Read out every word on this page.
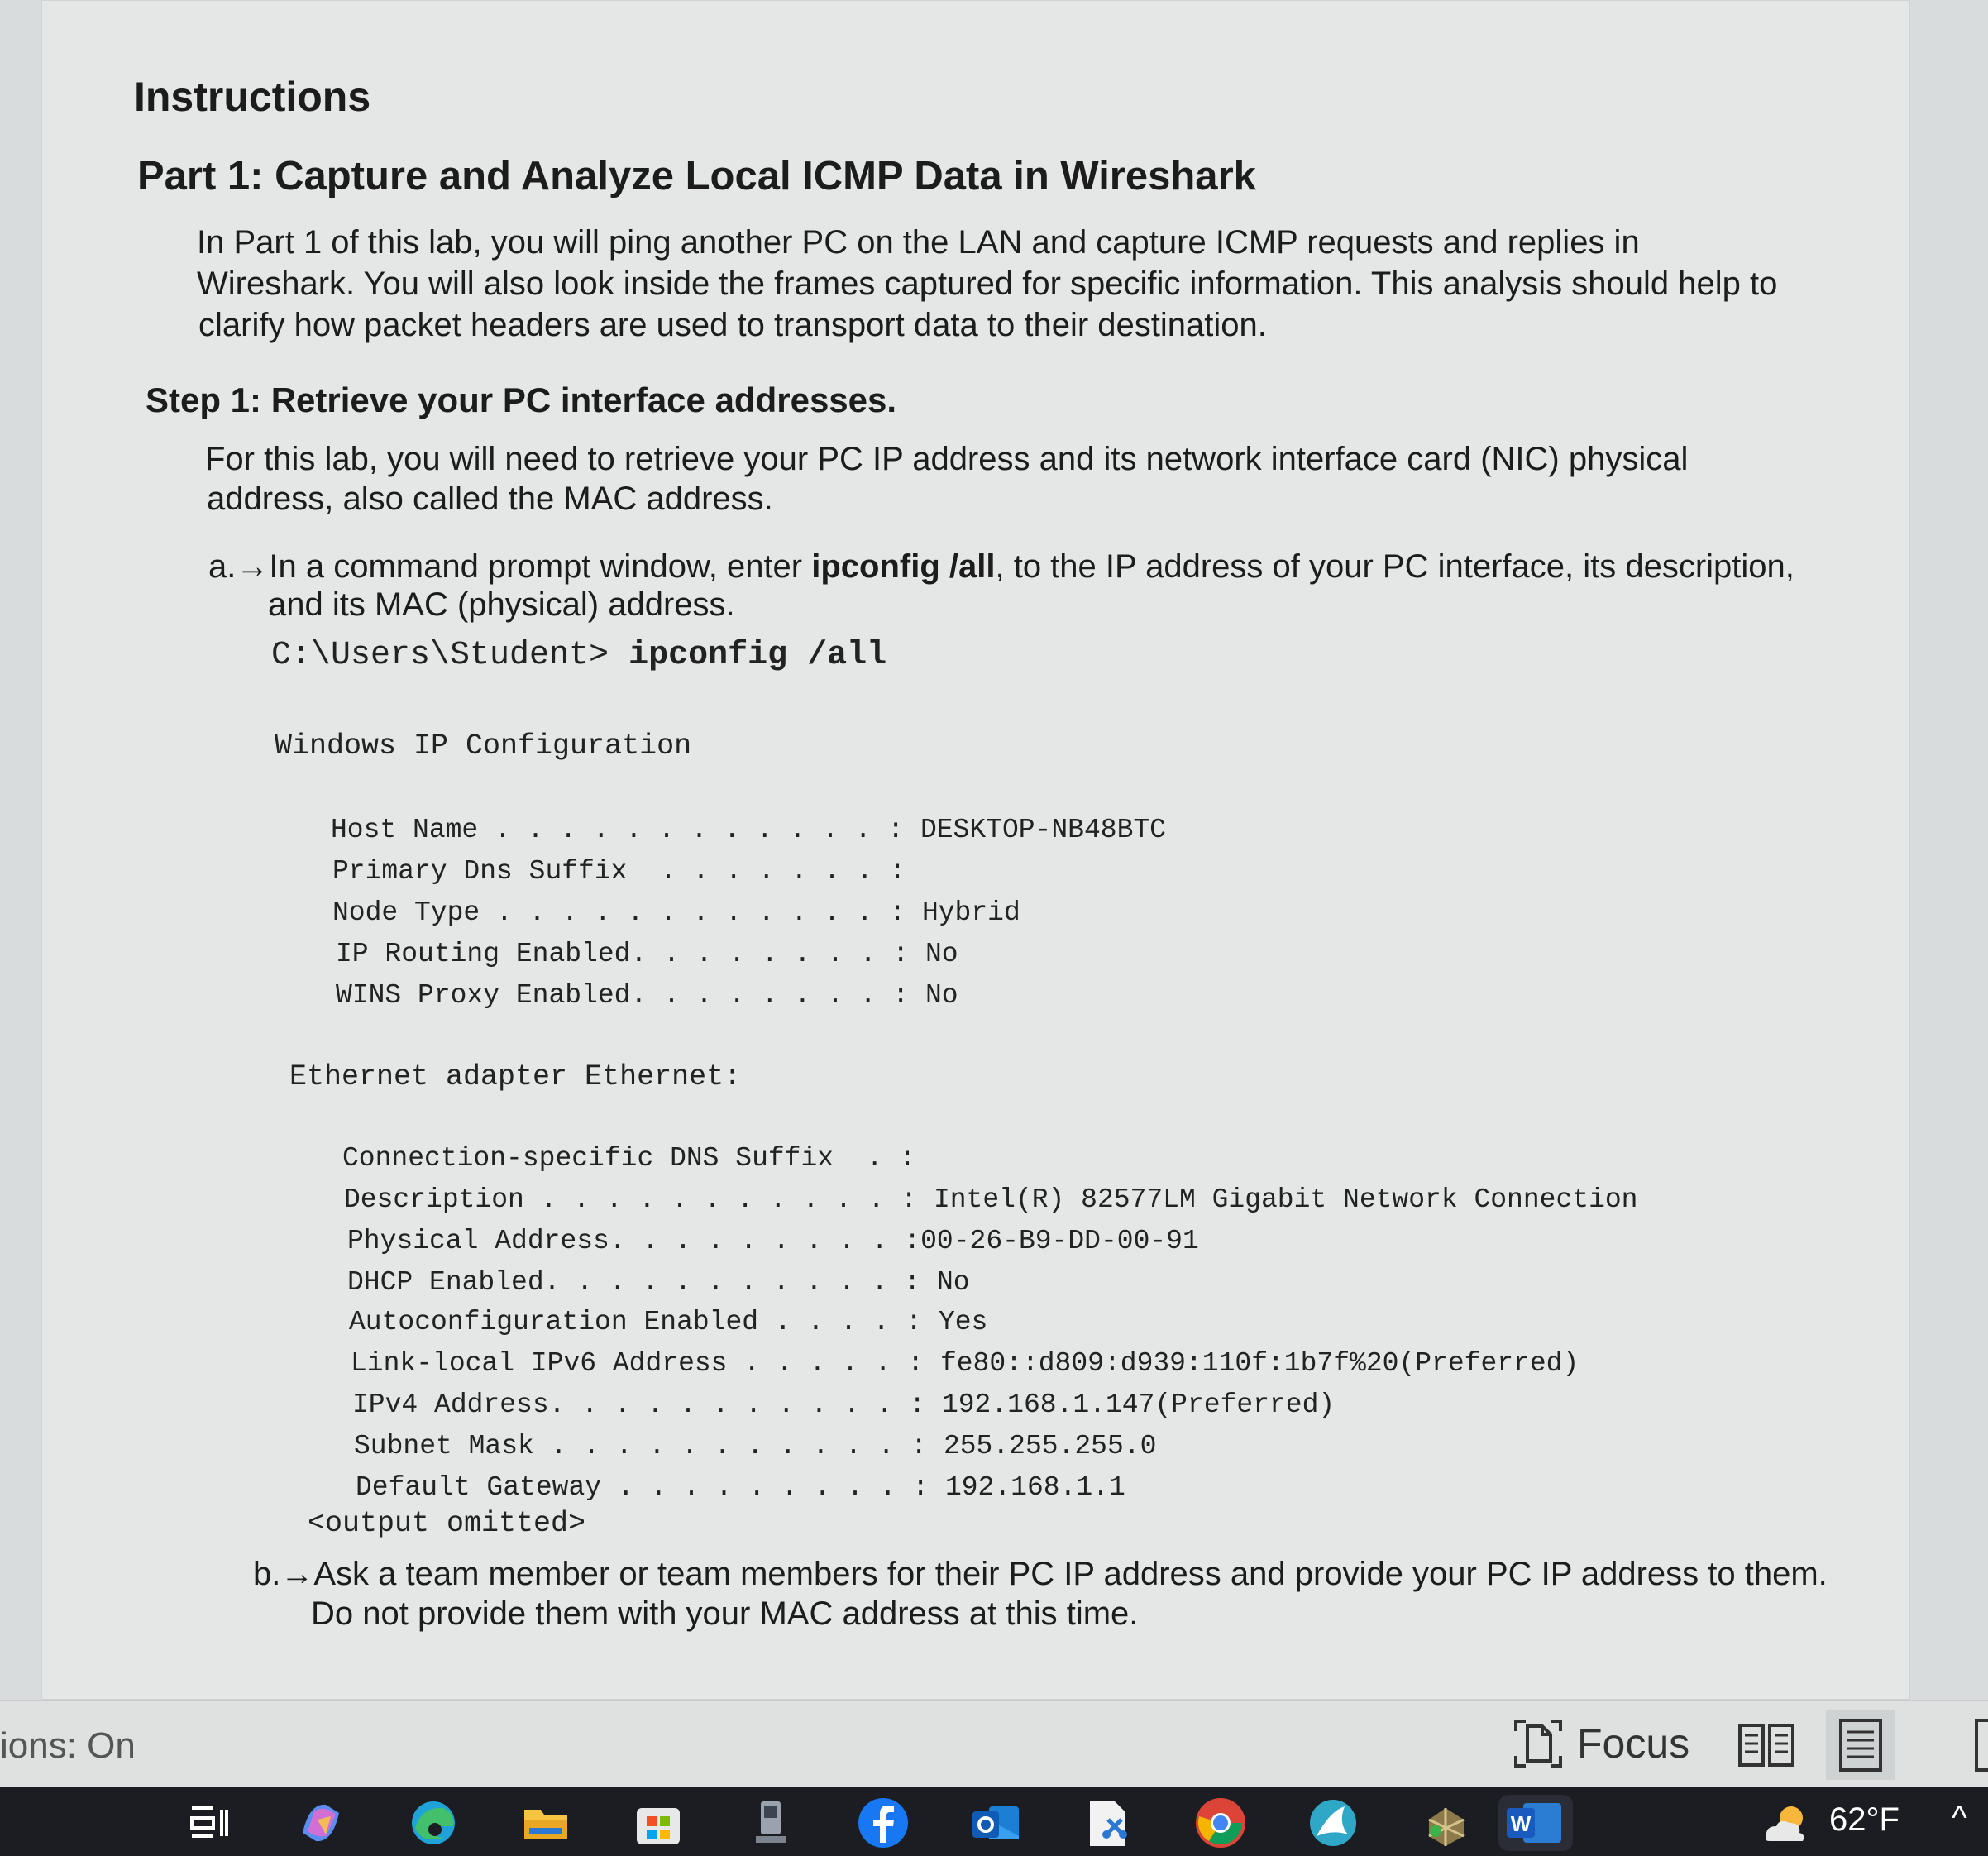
Instructions
Part 1: Capture and Analyze Local ICMP Data in Wireshark
In Part 1 of this lab, you will ping another PC on the LAN and capture ICMP requests and replies in
Wireshark. You will also look inside the frames captured for specific information. This analysis should help to
clarify how packet headers are used to transport data to their destination.
Step 1: Retrieve your PC interface addresses.
For this lab, you will need to retrieve your PC IP address and its network interface card (NIC) physical
address, also called the MAC address.
a.→In a command prompt window, enter ipconfig /all, to the IP address of your PC interface, its description,
and its MAC (physical) address.
C:\Users\Student> ipconfig /all
Windows IP Configuration
Host Name . . . . . . . . . . . . : DESKTOP-NB48BTC
Primary Dns Suffix  . . . . . . . :
Node Type . . . . . . . . . . . . : Hybrid
IP Routing Enabled. . . . . . . . : No
WINS Proxy Enabled. . . . . . . . : No
Ethernet adapter Ethernet:
Connection-specific DNS Suffix  . :
Description . . . . . . . . . . . : Intel(R) 82577LM Gigabit Network Connection
Physical Address. . . . . . . . . :00-26-B9-DD-00-91
DHCP Enabled. . . . . . . . . . . : No
Autoconfiguration Enabled . . . . : Yes
Link-local IPv6 Address . . . . . : fe80::d809:d939:110f:1b7f%20(Preferred)
IPv4 Address. . . . . . . . . . . : 192.168.1.147(Preferred)
Subnet Mask . . . . . . . . . . . : 255.255.255.0
Default Gateway . . . . . . . . . : 192.168.1.1
<output omitted>
b.→Ask a team member or team members for their PC IP address and provide your PC IP address to them.
Do not provide them with your MAC address at this time.
ions: On	Focus
W	62°F ^
